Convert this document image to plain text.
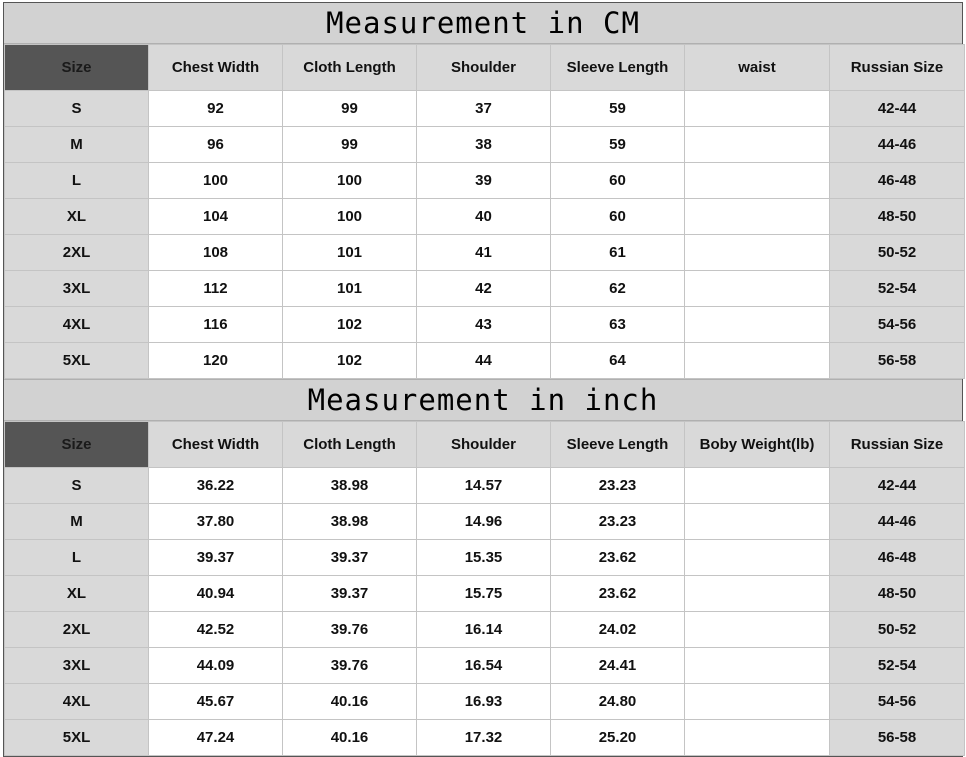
Measurement in CM
Size	Chest Width	Cloth Length	Shoulder	Sleeve Length	waist	Russian Size
S	92	99	37	59		42-44
M	96	99	38	59		44-46
L	100	100	39	60		46-48
XL	104	100	40	60		48-50
2XL	108	101	41	61		50-52
3XL	112	101	42	62		52-54
4XL	116	102	43	63		54-56
5XL	120	102	44	64		56-58
Measurement in inch
Size	Chest Width	Cloth Length	Shoulder	Sleeve Length	Boby Weight(lb)	Russian Size
S	36.22	38.98	14.57	23.23		42-44
M	37.80	38.98	14.96	23.23		44-46
L	39.37	39.37	15.35	23.62		46-48
XL	40.94	39.37	15.75	23.62		48-50
2XL	42.52	39.76	16.14	24.02		50-52
3XL	44.09	39.76	16.54	24.41		52-54
4XL	45.67	40.16	16.93	24.80		54-56
5XL	47.24	40.16	17.32	25.20		56-58
